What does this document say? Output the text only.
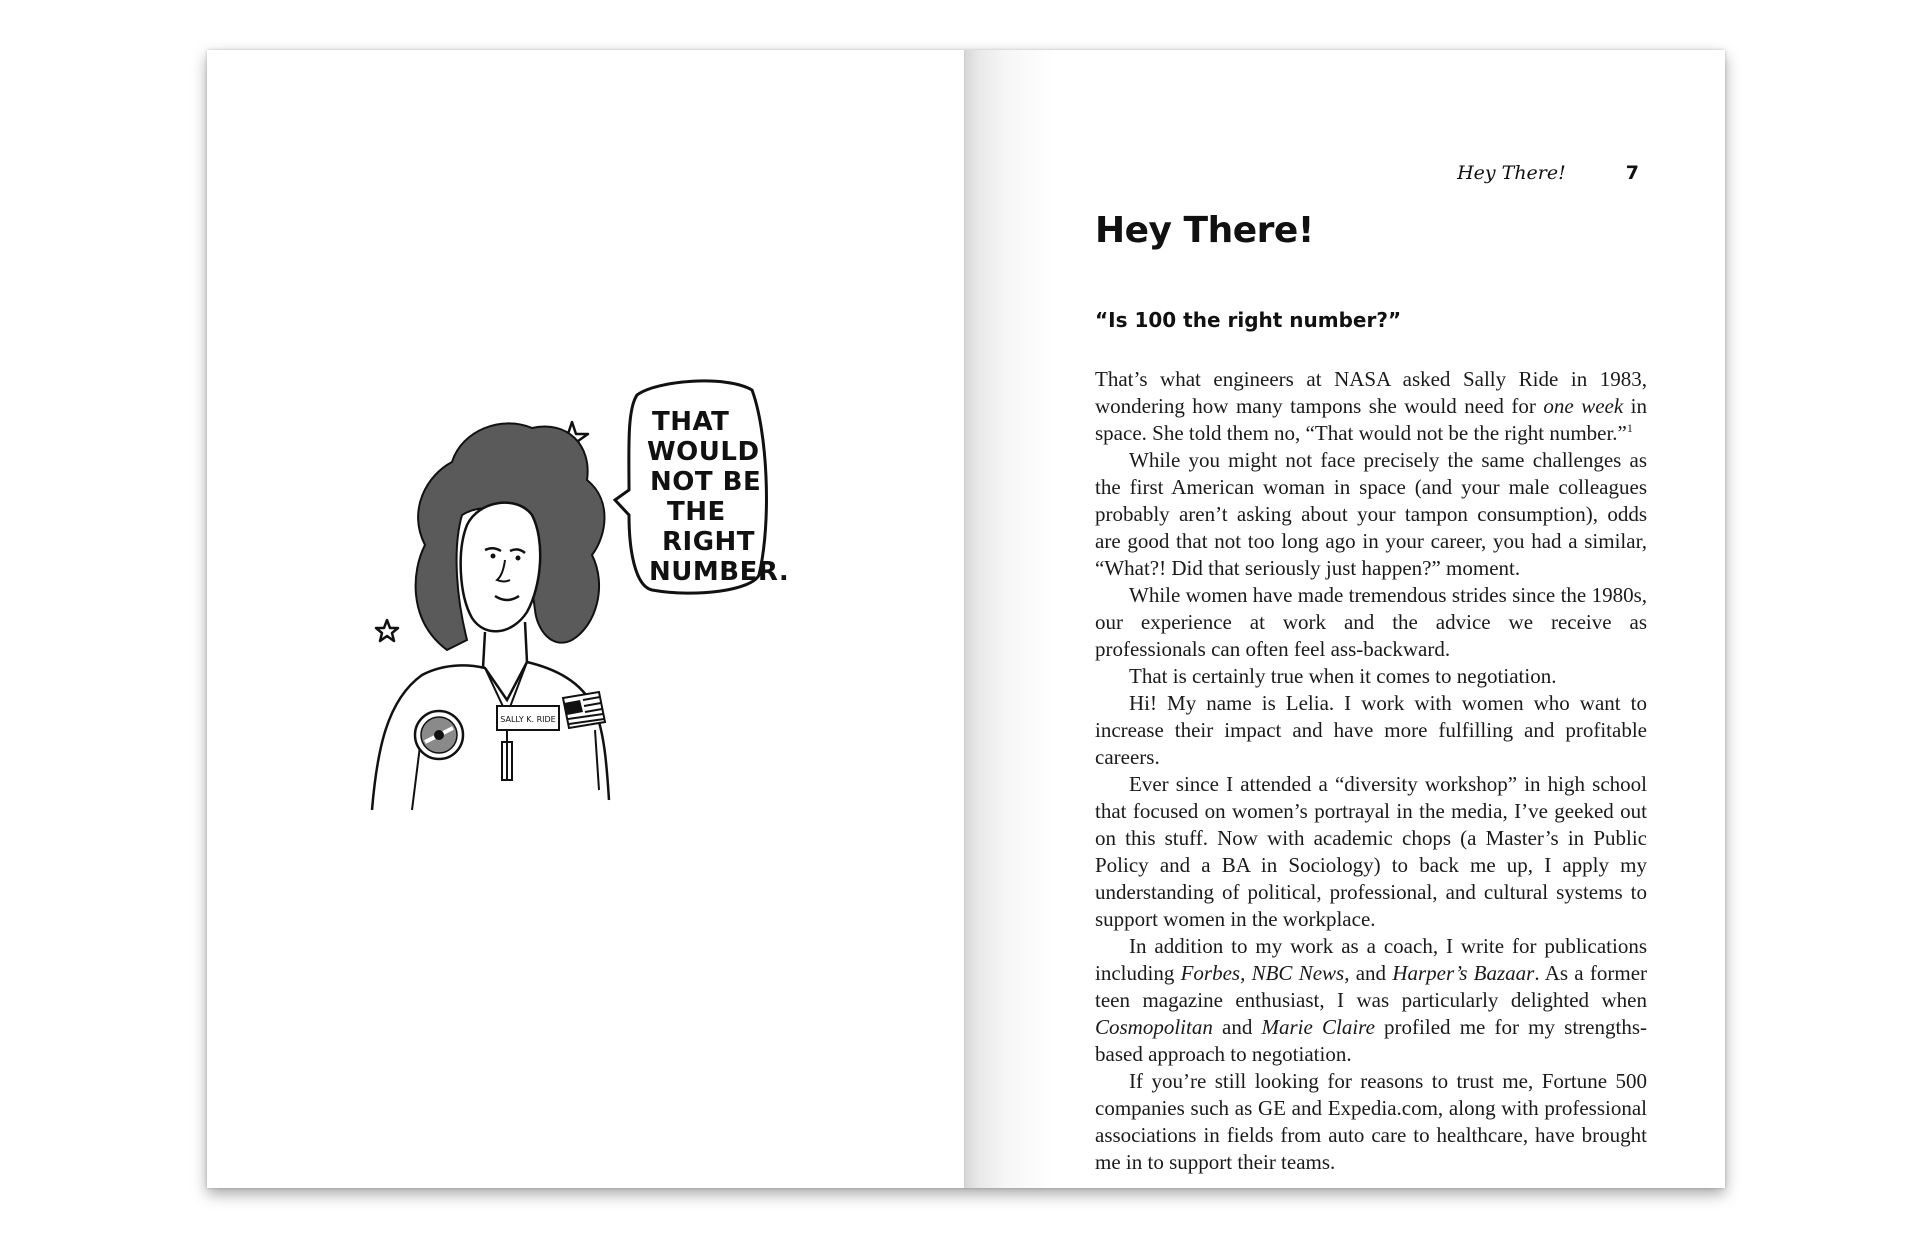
SALLY K. RIDE
THAT
WOULD
NOT BE
THE
RIGHT
NUMBER.
Hey There!	7
Hey There!
“Is 100 the right number?”

That’s what engineers at NASA asked Sally Ride in 1983, wondering how many tampons she would need for one week in space. She told them no, “That would not be the right number.”$^1$

While you might not face precisely the same challenges as the first American woman in space (and your male colleagues probably aren’t asking about your tampon consumption), odds are good that not too long ago in your career, you had a similar, “What?! Did that seriously just happen?” moment.

While women have made tremendous strides since the 1980s, our experience at work and the advice we receive as professionals can often feel ass-backward.

That is certainly true when it comes to negotiation.

Hi! My name is Lelia. I work with women who want to increase their impact and have more fulfilling and profitable careers.

Ever since I attended a “diversity workshop” in high school that focused on women’s portrayal in the media, I’ve geeked out on this stuff. Now with academic chops (a Master’s in Public Policy and a BA in Sociology) to back me up, I apply my understanding of political, professional, and cultural systems to support women in the workplace.

In addition to my work as a coach, I write for publications including Forbes, NBC News, and Harper’s Bazaar. As a former teen magazine enthusiast, I was particularly delighted when Cosmopolitan and Marie Claire profiled me for my strengths-based approach to negotiation.

If you’re still looking for reasons to trust me, Fortune 500 companies such as GE and Expedia.com, along with professional associations in fields from auto care to healthcare, have brought me in to support their teams.
